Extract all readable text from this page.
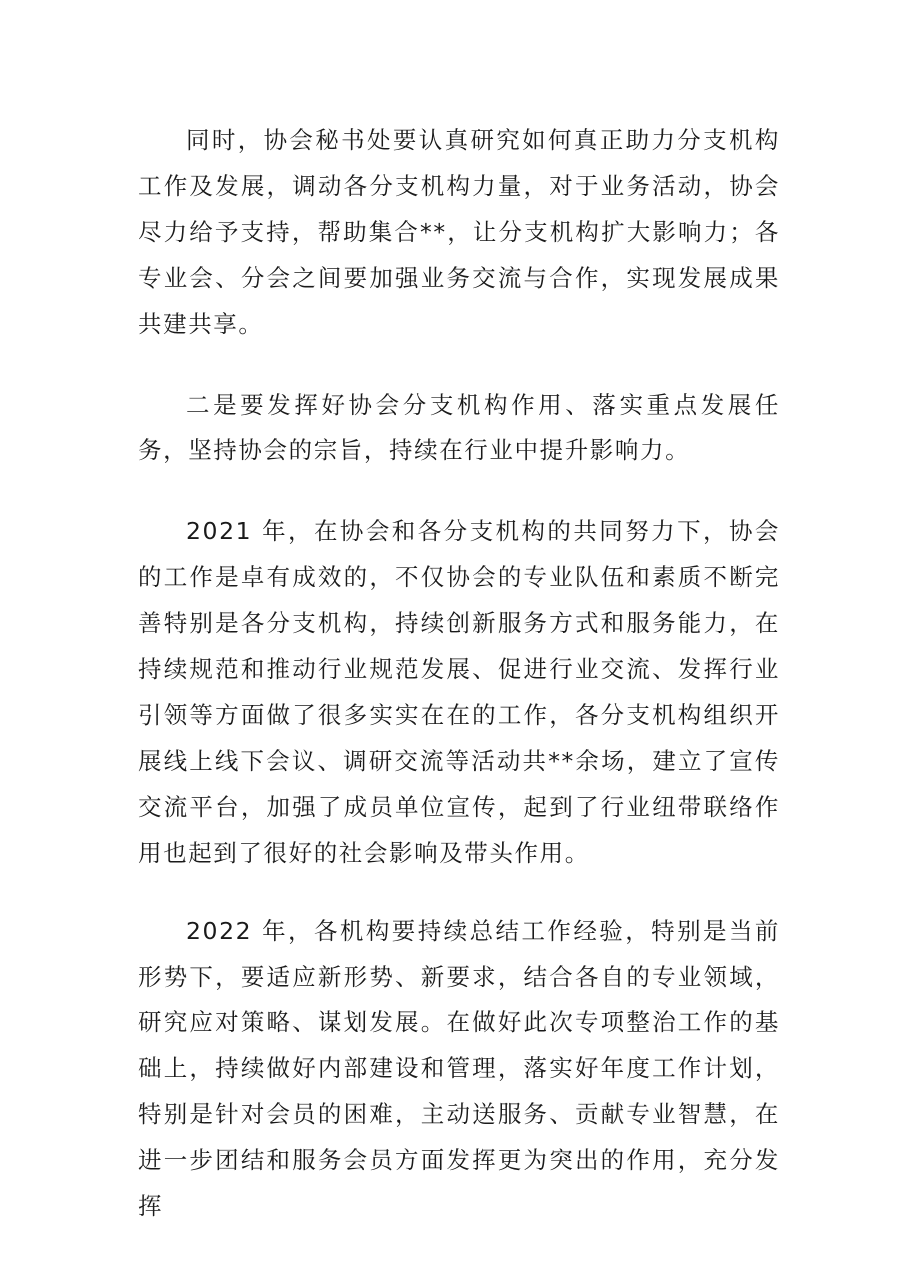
同时，协会秘书处要认真研究如何真正助力分支机构工作及发展，调动各分支机构力量，对于业务活动，协会尽力给予支持，帮助集合**，让分支机构扩大影响力；各专业会、分会之间要加强业务交流与合作，实现发展成果共建共享。

二是要发挥好协会分支机构作用、落实重点发展任务，坚持协会的宗旨，持续在行业中提升影响力。

2021 年，在协会和各分支机构的共同努力下，协会的工作是卓有成效的，不仅协会的专业队伍和素质不断完善特别是各分支机构，持续创新服务方式和服务能力，在持续规范和推动行业规范发展、促进行业交流、发挥行业引领等方面做了很多实实在在的工作，各分支机构组织开展线上线下会议、调研交流等活动共**余场，建立了宣传交流平台，加强了成员单位宣传，起到了行业纽带联络作用也起到了很好的社会影响及带头作用。

2022 年，各机构要持续总结工作经验，特别是当前形势下，要适应新形势、新要求，结合各自的专业领域，研究应对策略、谋划发展。在做好此次专项整治工作的基础上，持续做好内部建设和管理，落实好年度工作计划，特别是针对会员的困难，主动送服务、贡献专业智慧，在进一步团结和服务会员方面发挥更为突出的作用，充分发挥
